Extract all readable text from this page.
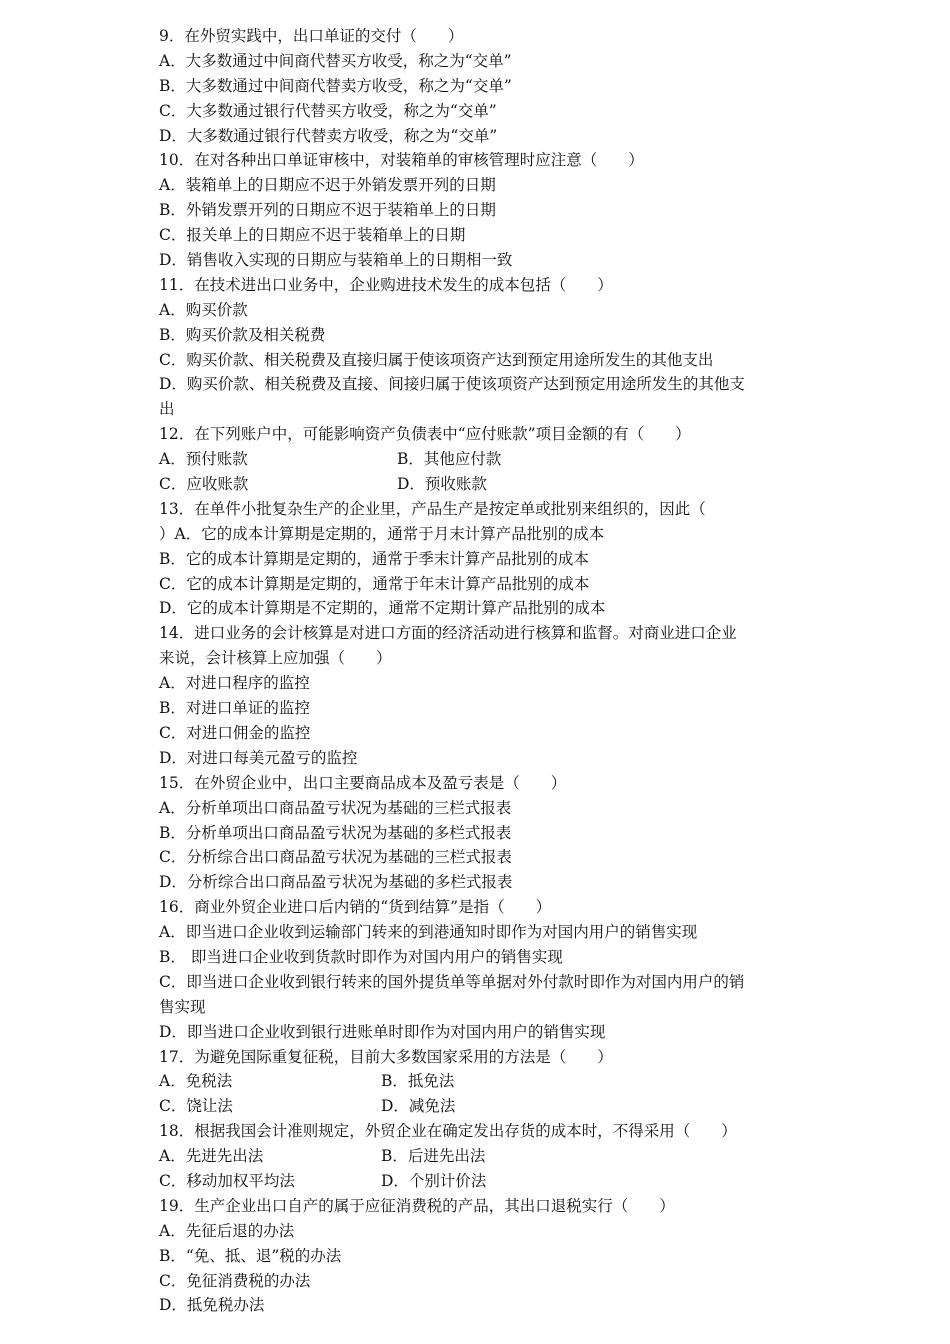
9．在外贸实践中，出口单证的交付（　　）
A．大多数通过中间商代替买方收受，称之为“交单”
B．大多数通过中间商代替卖方收受，称之为“交单”
C．大多数通过银行代替买方收受，称之为“交单”
D．大多数通过银行代替卖方收受，称之为“交单”
10．在对各种出口单证审核中，对装箱单的审核管理时应注意（　　）
A．装箱单上的日期应不迟于外销发票开列的日期
B．外销发票开列的日期应不迟于装箱单上的日期
C．报关单上的日期应不迟于装箱单上的日期
D．销售收入实现的日期应与装箱单上的日期相一致
11．在技术进出口业务中，企业购进技术发生的成本包括（　　）
A．购买价款
B．购买价款及相关税费
C．购买价款、相关税费及直接归属于使该项资产达到预定用途所发生的其他支出
D．购买价款、相关税费及直接、间接归属于使该项资产达到预定用途所发生的其他支
出
12．在下列账户中，可能影响资产负债表中“应付账款”项目金额的有（　　）
A．预付账款	B．其他应付款
C．应收账款	D．预收账款
13．在单件小批复杂生产的企业里，产品生产是按定单或批别来组织的，因此（
）A．它的成本计算期是定期的，通常于月末计算产品批别的成本
B．它的成本计算期是定期的，通常于季末计算产品批别的成本
C．它的成本计算期是定期的，通常于年末计算产品批别的成本
D．它的成本计算期是不定期的，通常不定期计算产品批别的成本
14．进口业务的会计核算是对进口方面的经济活动进行核算和监督。对商业进口企业
来说，会计核算上应加强（　　）
A．对进口程序的监控
B．对进口单证的监控
C．对进口佣金的监控
D．对进口每美元盈亏的监控
15．在外贸企业中，出口主要商品成本及盈亏表是（　　）
A．分析单项出口商品盈亏状况为基础的三栏式报表
B．分析单项出口商品盈亏状况为基础的多栏式报表
C．分析综合出口商品盈亏状况为基础的三栏式报表
D．分析综合出口商品盈亏状况为基础的多栏式报表
16．商业外贸企业进口后内销的“货到结算”是指（　　）
A．即当进口企业收到运输部门转来的到港通知时即作为对国内用户的销售实现
B． 即当进口企业收到货款时即作为对国内用户的销售实现
C．即当进口企业收到银行转来的国外提货单等单据对外付款时即作为对国内用户的销
售实现
D．即当进口企业收到银行进账单时即作为对国内用户的销售实现
17．为避免国际重复征税，目前大多数国家采用的方法是（　　）
A．免税法	B．抵免法
C．饶让法	D．减免法
18．根据我国会计准则规定，外贸企业在确定发出存货的成本时，不得采用（　　）
A．先进先出法	B．后进先出法
C．移动加权平均法	D．个别计价法
19．生产企业出口自产的属于应征消费税的产品，其出口退税实行（　　）
A．先征后退的办法
B．“免、抵、退”税的办法
C．免征消费税的办法
D．抵免税办法
